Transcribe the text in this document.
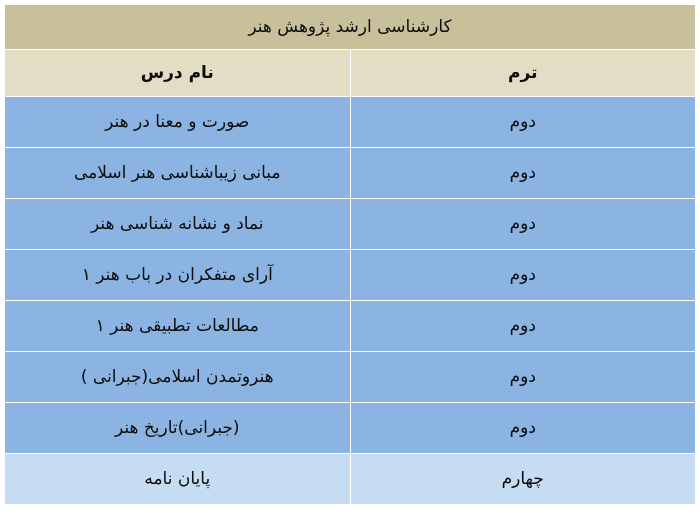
کارشناسی ارشد پژوهش هنر	
ترم	نام درس
دوم	صورت و معنا در هنر
دوم	مبانی زیباشناسی هنر اسلامی
دوم	نماد و نشانه شناسی هنر
دوم	آرای متفکران در باب هنر ۱
دوم	مطالعات تطبیقی هنر ۱
دوم	هنروتمدن اسلامی(جبرانی )
دوم	(جبرانی)تاریخ هنر
چهارم	پایان نامه
